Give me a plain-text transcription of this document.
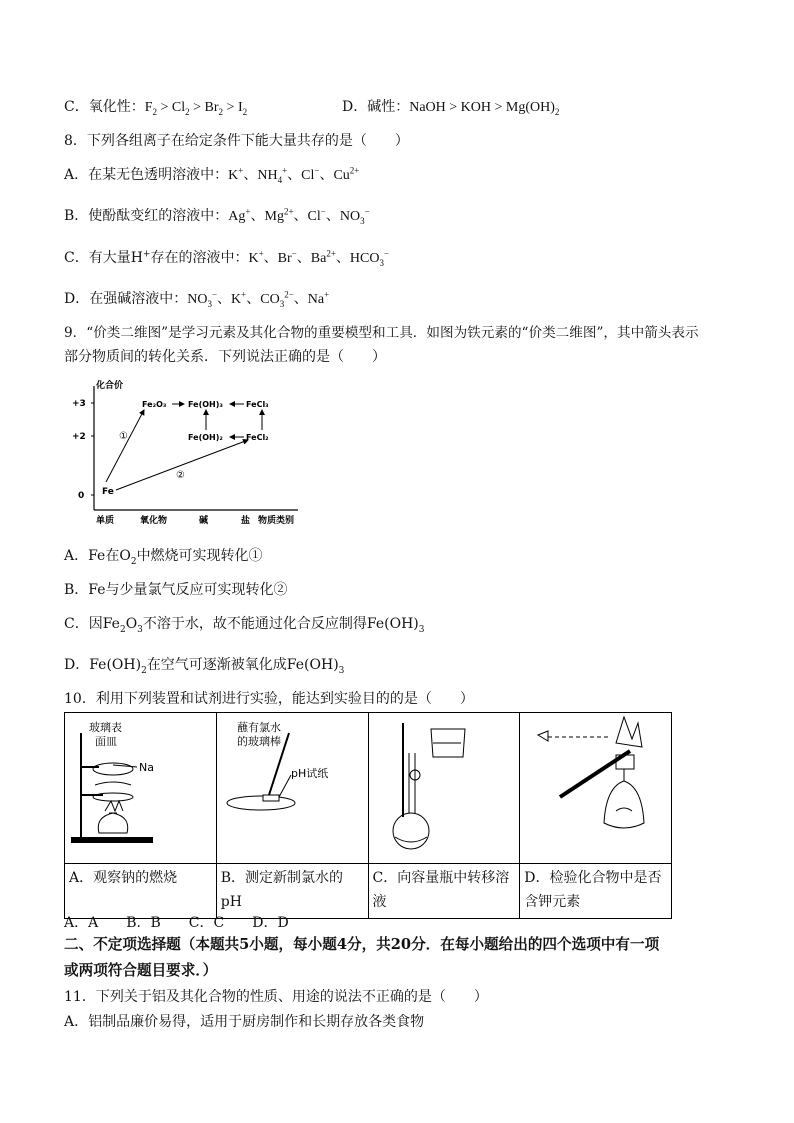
C．氧化性：$F_2 > Cl_2 > Br_2 > I_2$	D．碱性：NaOH > KOH > $Mg(OH)_2$
8．下列各组离子在给定条件下能大量共存的是（　　）
A．在某无色透明溶液中：K+、$NH_4^+$、Cl−、$Cu^{2+}$
B．使酚酞变红的溶液中：Ag+、$Mg^{2+}$、Cl−、$NO_3^-$
C．有大量H+存在的溶液中：K+、Br−、$Ba^{2+}$、$HCO_3^-$
D．在强碱溶液中：$NO_3^-$、K+、$CO_3^{2-}$、Na+
9．“价类二维图”是学习元素及其化合物的重要模型和工具．如图为铁元素的“价类二维图”，其中箭头表示
部分物质间的转化关系．下列说法正确的是（　　）
化合价
+3
+2
0
单质	氧化物	碱	盐 物质类别
Fe
Fe₂O₃	Fe(OH)₃	FeCl₃
Fe(OH)₂	FeCl₂
①
②
A．Fe在$O_2$中燃烧可实现转化①
B．Fe与少量氯气反应可实现转化②
C．因$Fe_2O_3$不溶于水，故不能通过化合反应制得$Fe(OH)_3$
D．$Fe(OH)_2$在空气可逐渐被氧化成$Fe(OH)_3$
10．利用下列装置和试剂进行实验，能达到实验目的的是（　　）
玻璃表
面皿
Na	蘸有氯水
的玻璃棒
pH试纸

A．观察钠的燃烧	B．测定新制氯水的pH	C．向容量瓶中转移溶液	D．检验化合物中是否含钾元素
A．A　　B．B　　C．C　　D．D
二、不定项选择题（本题共5小题，每小题4分，共20分．在每小题给出的四个选项中有一项
或两项符合题目要求．）
11．下列关于铝及其化合物的性质、用途的说法不正确的是（　　）
A．铝制品廉价易得，适用于厨房制作和长期存放各类食物
